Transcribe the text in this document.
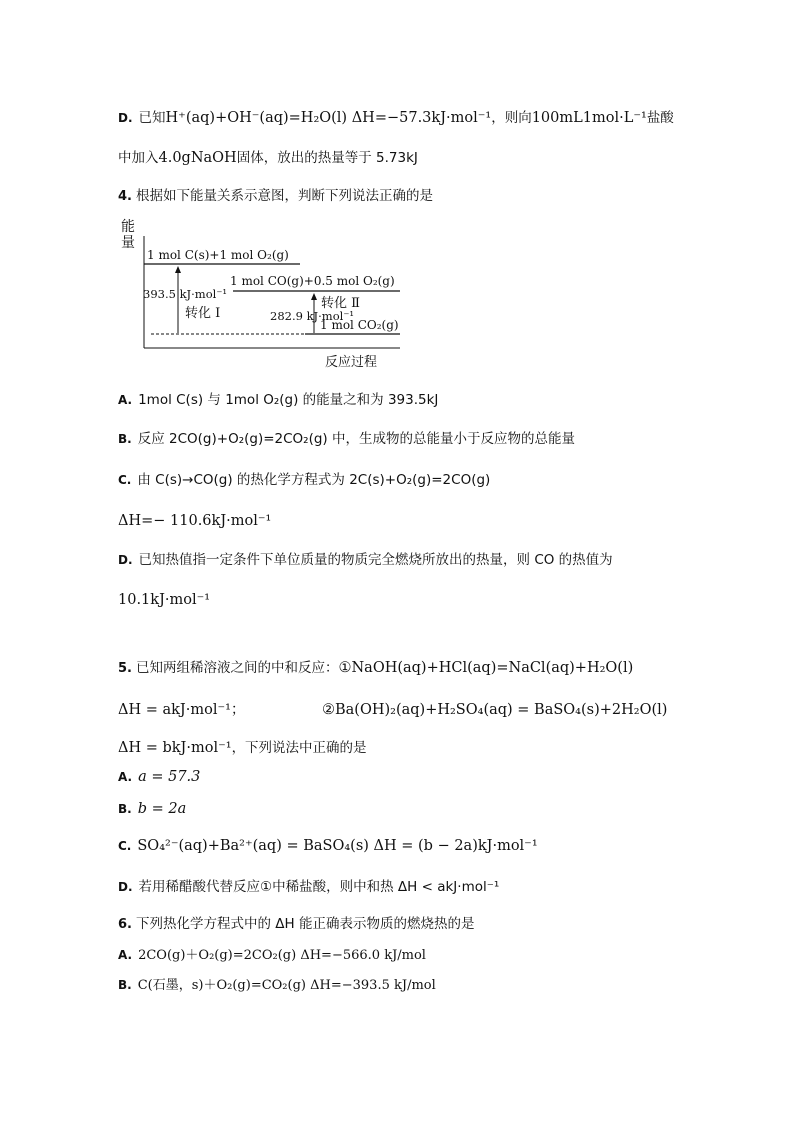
D. 已知H⁺(aq)+OH⁻(aq)=H₂O(l) ΔH=−57.3kJ·mol⁻¹，则向100mL1mol·L⁻¹盐酸
中加入4.0gNaOH固体，放出的热量等于 5.73kJ
4. 根据如下能量关系示意图，判断下列说法正确的是
能
量
反应过程
1 mol C(s)+1 mol O₂(g)
1 mol CO(g)+0.5 mol O₂(g)
1 mol CO₂(g)
393.5 kJ·mol⁻¹
转化 Ⅰ
转化 Ⅱ
282.9 kJ·mol⁻¹
A. 1mol C(s) 与 1mol O₂(g) 的能量之和为 393.5kJ
B. 反应 2CO(g)+O₂(g)=2CO₂(g) 中，生成物的总能量小于反应物的总能量
C. 由 C(s)→CO(g) 的热化学方程式为 2C(s)+O₂(g)=2CO(g)
ΔH=− 110.6kJ·mol⁻¹
D. 已知热值指一定条件下单位质量的物质完全燃烧所放出的热量，则 CO 的热值为
10.1kJ·mol⁻¹
5. 已知两组稀溶液之间的中和反应：①NaOH(aq)+HCl(aq)=NaCl(aq)+H₂O(l)
ΔH = akJ·mol⁻¹；	②Ba(OH)₂(aq)+H₂SO₄(aq) = BaSO₄(s)+2H₂O(l)
ΔH = bkJ·mol⁻¹，下列说法中正确的是
A. a = 57.3
B. b = 2a
C. SO₄²⁻(aq)+Ba²⁺(aq) = BaSO₄(s) ΔH = (b − 2a)kJ·mol⁻¹
D. 若用稀醋酸代替反应①中稀盐酸，则中和热 ΔH < akJ·mol⁻¹
6. 下列热化学方程式中的 ΔH 能正确表示物质的燃烧热的是
A. 2CO(g)＋O₂(g)=2CO₂(g) ΔH=−566.0 kJ/mol
B. C(石墨，s)＋O₂(g)=CO₂(g) ΔH=−393.5 kJ/mol
